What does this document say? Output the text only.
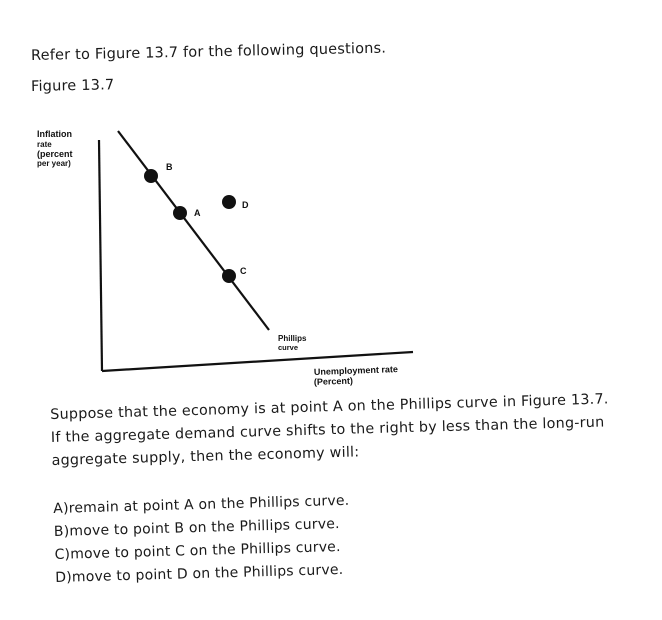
Refer to Figure 13.7 for the following questions.
Figure 13.7
B
A
D
C
Inflation
rate
(percent
per year)
Phillips
curve
Unemployment rate
(Percent)
Suppose that the economy is at point A on the Phillips curve in Figure 13.7.
If the aggregate demand curve shifts to the right by less than the long-run
aggregate supply, then the economy will:
A)remain at point A on the Phillips curve.
B)move to point B on the Phillips curve.
C)move to point C on the Phillips curve.
D)move to point D on the Phillips curve.
